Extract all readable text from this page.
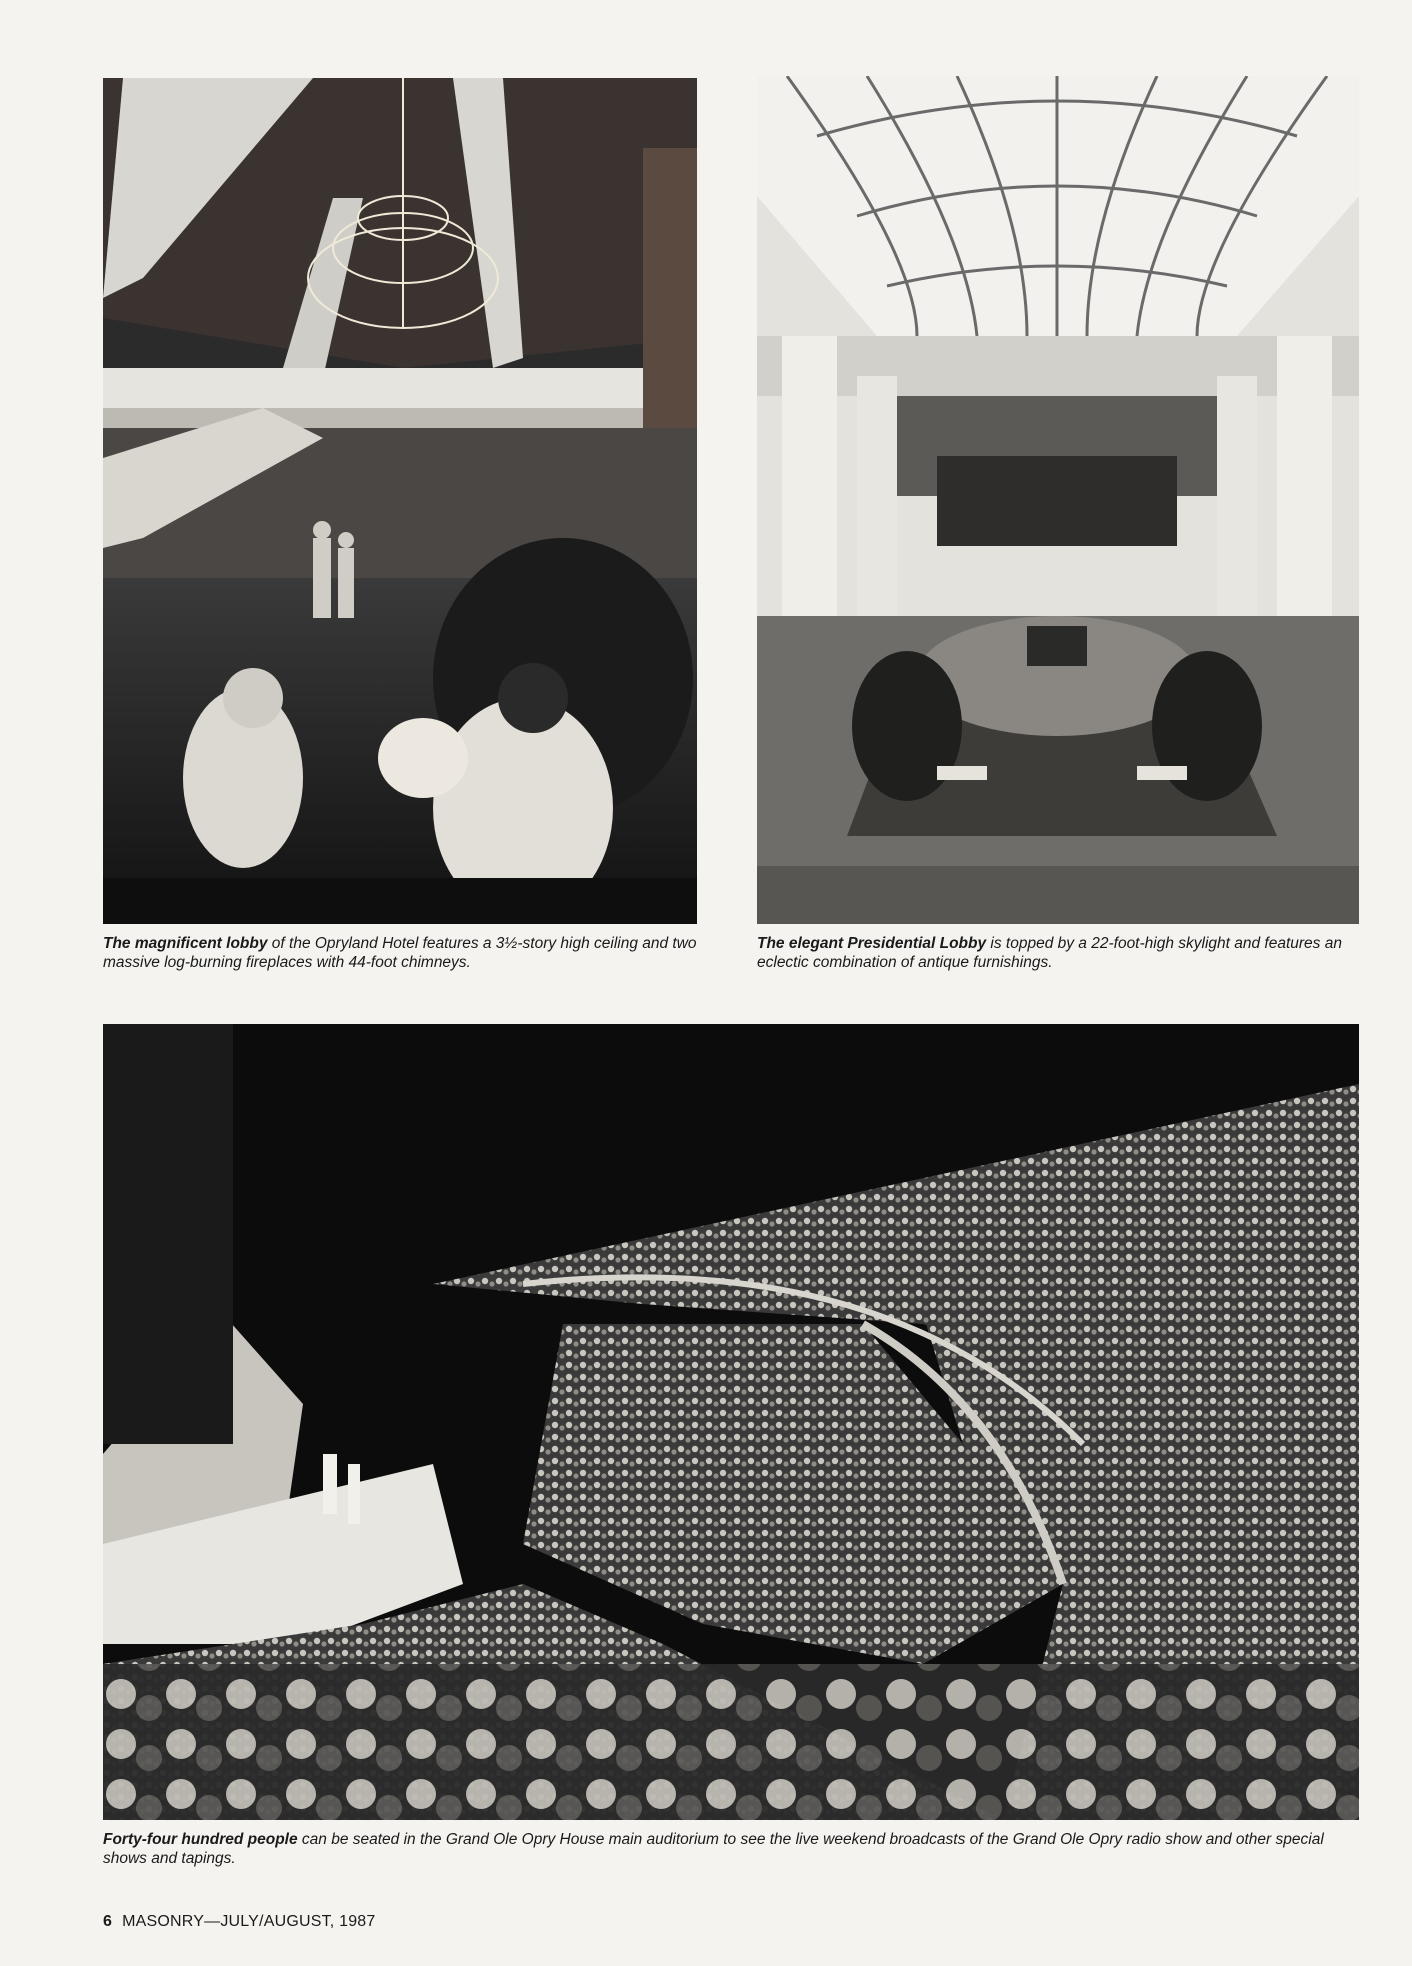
The magnificent lobby of the Opryland Hotel features a 3½-story high ceiling and two massive log-burning fireplaces with 44-foot chimneys.
The elegant Presidential Lobby is topped by a 22-foot-high skylight and features an eclectic combination of antique furnishings.
Forty-four hundred people can be seated in the Grand Ole Opry House main auditorium to see the live weekend broadcasts of the Grand Ole Opry radio show and other special shows and tapings.
6 MASONRY—JULY/AUGUST, 1987
